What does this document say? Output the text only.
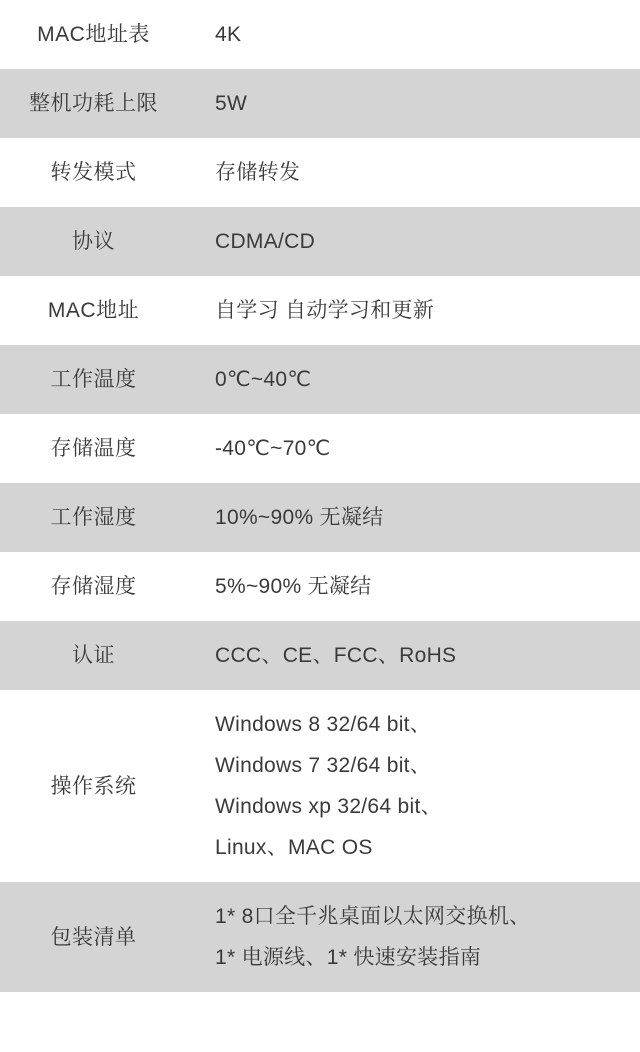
MAC地址表	4K

整机功耗上限	5W

转发模式	存储转发

协议	CDMA/CD

MAC地址	自学习 自动学习和更新

工作温度	0℃~40℃

存储温度	-40℃~70℃

工作湿度	10%~90% 无凝结

存储湿度	5%~90% 无凝结

认证	CCC、CE、FCC、RoHS

操作系统	Windows 8 32/64 bit、
Windows 7 32/64 bit、
Windows xp 32/64 bit、
Linux、MAC OS

包装清单	1* 8口全千兆桌面以太网交换机、
1* 电源线、1* 快速安装指南
